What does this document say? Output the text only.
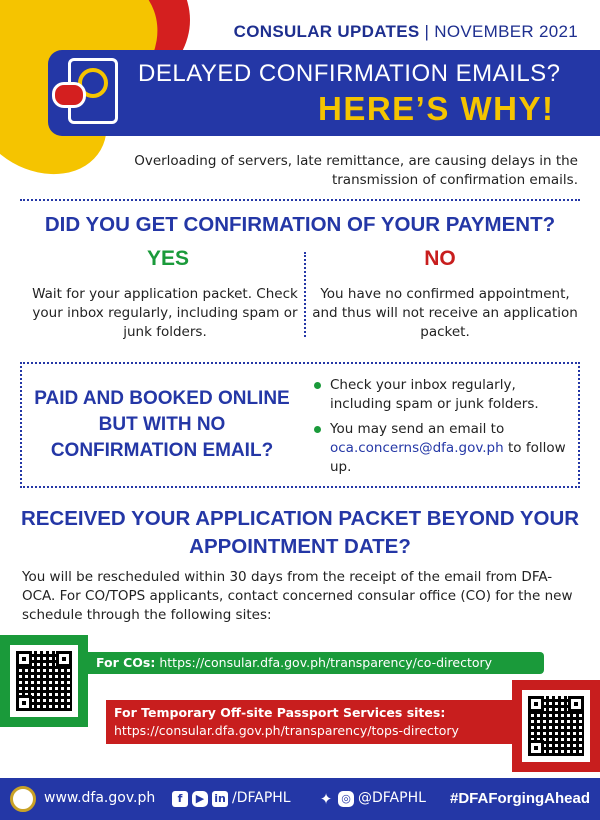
CONSULAR UPDATES | NOVEMBER 2021
DELAYED CONFIRMATION EMAILS?
HERE’S WHY!
Overloading of servers, late remittance, are causing delays in the transmission of confirmation emails.
DID YOU GET CONFIRMATION OF YOUR PAYMENT?
YES	NO
Wait for your application packet. Check your inbox regularly, including spam or junk folders.
You have no confirmed appointment, and thus will not receive an application packet.
PAID AND BOOKED ONLINE BUT WITH NO CONFIRMATION EMAIL?
Check your inbox regularly, including spam or junk folders.
You may send an email to oca.concerns@dfa.gov.ph to follow up.
RECEIVED YOUR APPLICATION PACKET BEYOND YOUR APPOINTMENT DATE?
You will be rescheduled within 30 days from the receipt of the email from DFA-OCA. For CO/TOPS applicants, contact concerned consular office (CO) for the new schedule through the following sites:
For COs: https://consular.dfa.gov.ph/transparency/co-directory
For Temporary Off-site Passport Services sites:
https://consular.dfa.gov.ph/transparency/tops-directory
www.dfa.gov.ph	f	▶ in /DFAPHL ✦ ◎ @DFAPHL #DFAForgingAhead
